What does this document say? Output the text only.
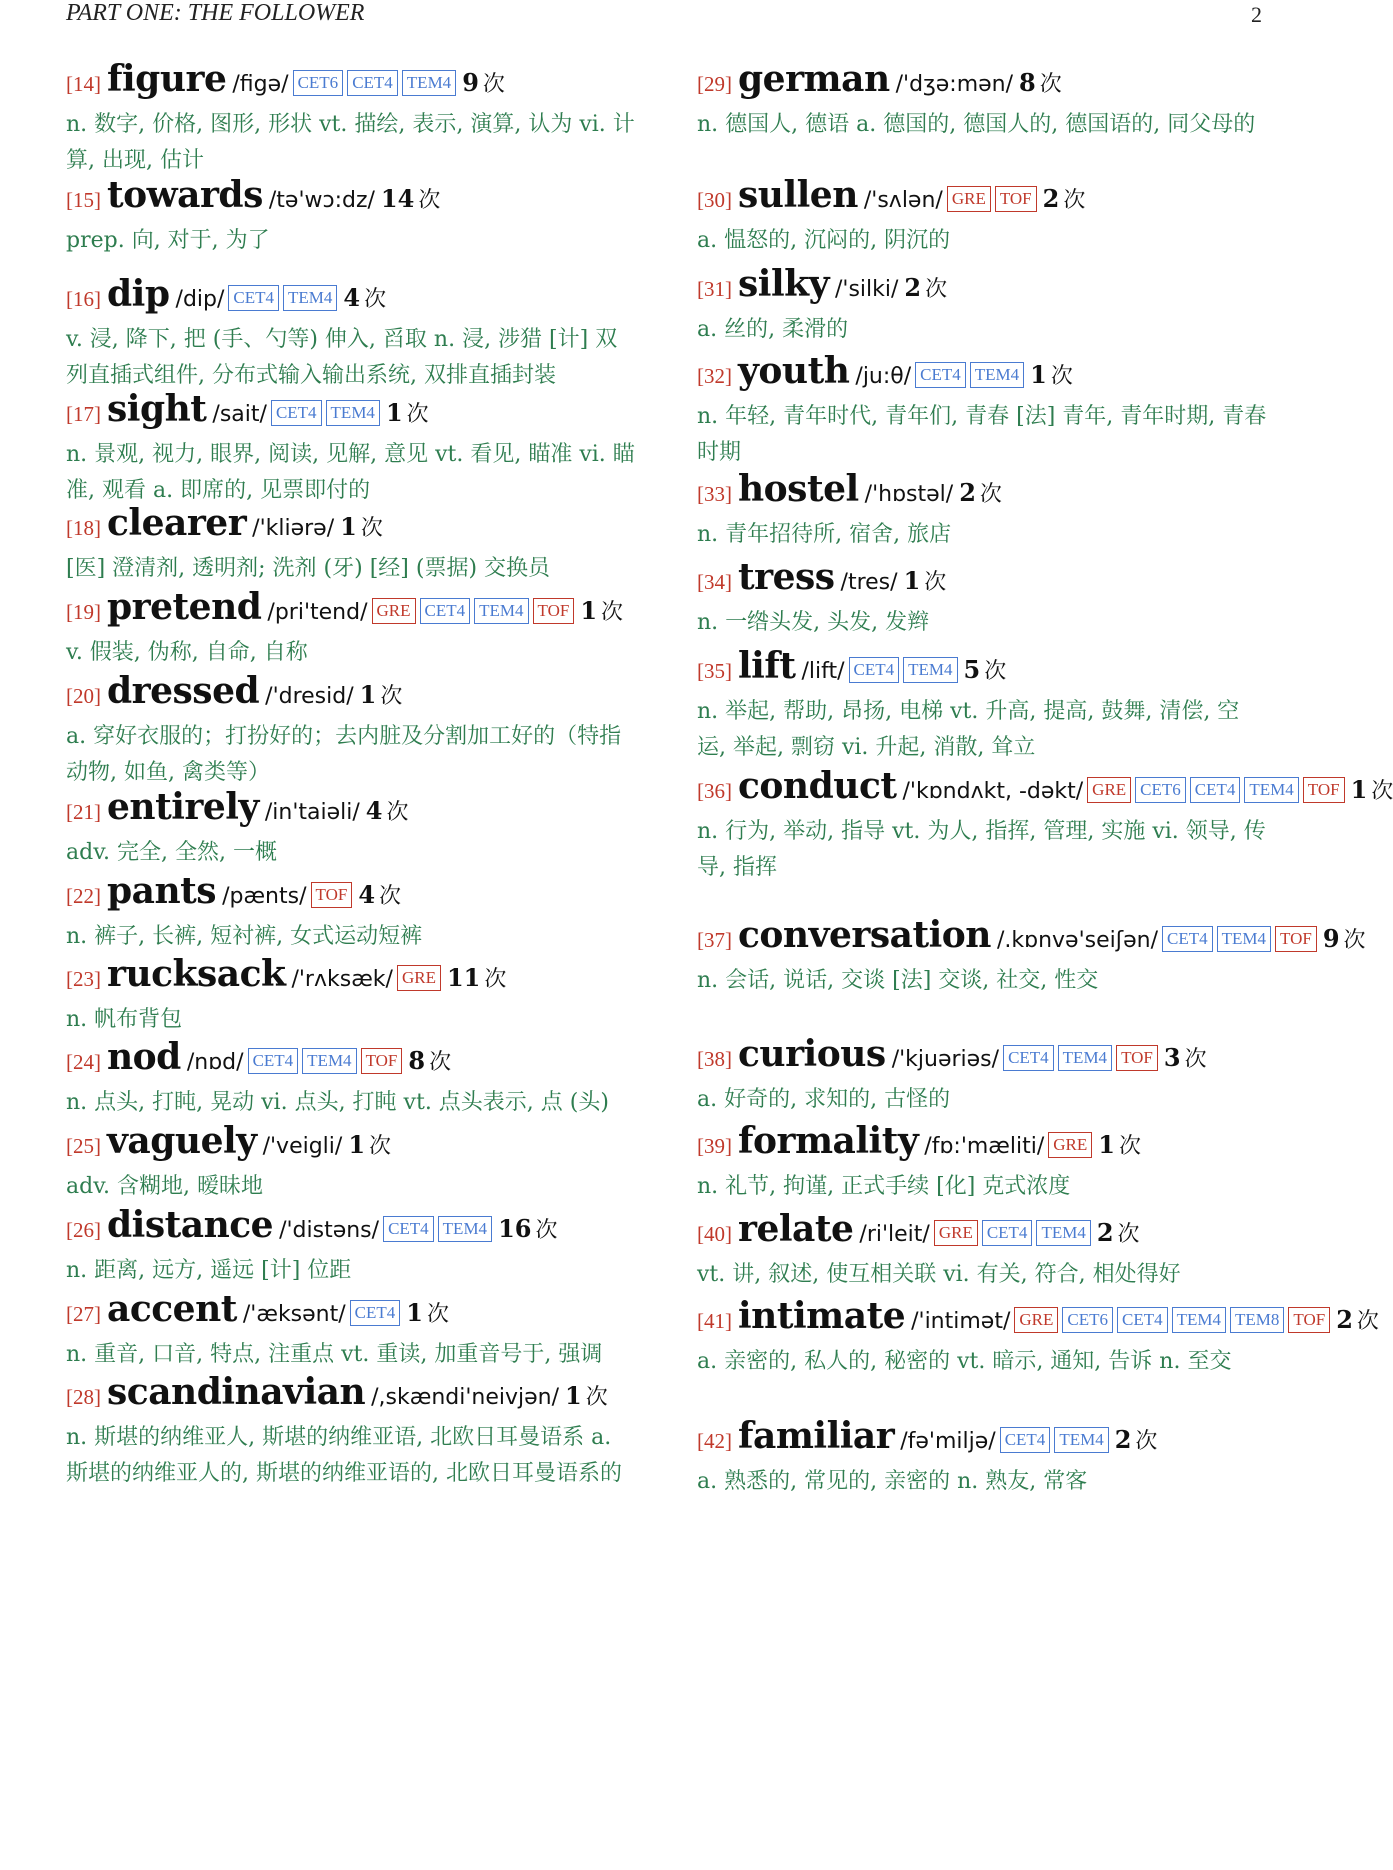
PART ONE: THE FOLLOWER	2
[14] figure /figə/ CET6 CET4 TEM4 9 次
n. 数字, 价格, 图形, 形状 vt. 描绘, 表示, 演算, 认为 vi. 计算, 出现, 估计
[15] towards /tə'wɔ:dz/ 14 次
prep. 向, 对于, 为了
[16] dip /dip/ CET4 TEM4 4 次
v. 浸, 降下, 把 (手、勺等) 伸入, 舀取 n. 浸, 涉猎 [计] 双列直插式组件, 分布式输入输出系统, 双排直插封装
[17] sight /sait/ CET4 TEM4 1 次
n. 景观, 视力, 眼界, 阅读, 见解, 意见 vt. 看见, 瞄准 vi. 瞄准, 观看 a. 即席的, 见票即付的
[18] clearer /'kliərə/ 1 次
[医] 澄清剂, 透明剂; 洗剂 (牙) [经] (票据) 交换员
[19] pretend /pri'tend/ GRE CET4 TEM4 TOF 1 次
v. 假装, 伪称, 自命, 自称
[20] dressed /'dresid/ 1 次
a. 穿好衣服的；打扮好的；去内脏及分割加工好的（特指动物, 如鱼, 禽类等）
[21] entirely /in'taiəli/ 4 次
adv. 完全, 全然, 一概
[22] pants /pænts/ TOF 4 次
n. 裤子, 长裤, 短衬裤, 女式运动短裤
[23] rucksack /'rʌksæk/ GRE 11 次
n. 帆布背包
[24] nod /nɒd/ CET4 TEM4 TOF 8 次
n. 点头, 打盹, 晃动 vi. 点头, 打盹 vt. 点头表示, 点 (头)
[25] vaguely /'veigli/ 1 次
adv. 含糊地, 暧昧地
[26] distance /'distəns/ CET4 TEM4 16 次
n. 距离, 远方, 遥远 [计] 位距
[27] accent /'æksənt/ CET4 1 次
n. 重音, 口音, 特点, 注重点 vt. 重读, 加重音号于, 强调
[28] scandinavian /,skændi'neivjən/ 1 次
n. 斯堪的纳维亚人, 斯堪的纳维亚语, 北欧日耳曼语系 a. 斯堪的纳维亚人的, 斯堪的纳维亚语的, 北欧日耳曼语系的
[29] german /'dʒə:mən/ 8 次
n. 德国人, 德语 a. 德国的, 德国人的, 德国语的, 同父母的
[30] sullen /'sʌlən/ GRE TOF 2 次
a. 愠怒的, 沉闷的, 阴沉的
[31] silky /'silki/ 2 次
a. 丝的, 柔滑的
[32] youth /ju:θ/ CET4 TEM4 1 次
n. 年轻, 青年时代, 青年们, 青春 [法] 青年, 青年时期, 青春时期
[33] hostel /'hɒstəl/ 2 次
n. 青年招待所, 宿舍, 旅店
[34] tress /tres/ 1 次
n. 一绺头发, 头发, 发辫
[35] lift /lift/ CET4 TEM4 5 次
n. 举起, 帮助, 昂扬, 电梯 vt. 升高, 提高, 鼓舞, 清偿, 空运, 举起, 剽窃 vi. 升起, 消散, 耸立
[36] conduct /'kɒndʌkt, -dəkt/ GRE CET6 CET4 TEM4 TOF 1 次
n. 行为, 举动, 指导 vt. 为人, 指挥, 管理, 实施 vi. 领导, 传导, 指挥
[37] conversation /.kɒnvə'seiʃən/ CET4 TEM4 TOF 9 次
n. 会话, 说话, 交谈 [法] 交谈, 社交, 性交
[38] curious /'kjuəriəs/ CET4 TEM4 TOF 3 次
a. 好奇的, 求知的, 古怪的
[39] formality /fɒ:'mæliti/ GRE 1 次
n. 礼节, 拘谨, 正式手续 [化] 克式浓度
[40] relate /ri'leit/ GRE CET4 TEM4 2 次
vt. 讲, 叙述, 使互相关联 vi. 有关, 符合, 相处得好
[41] intimate /'intimət/ GRE CET6 CET4 TEM4 TEM8 TOF 2 次
a. 亲密的, 私人的, 秘密的 vt. 暗示, 通知, 告诉 n. 至交
[42] familiar /fə'miljə/ CET4 TEM4 2 次
a. 熟悉的, 常见的, 亲密的 n. 熟友, 常客
